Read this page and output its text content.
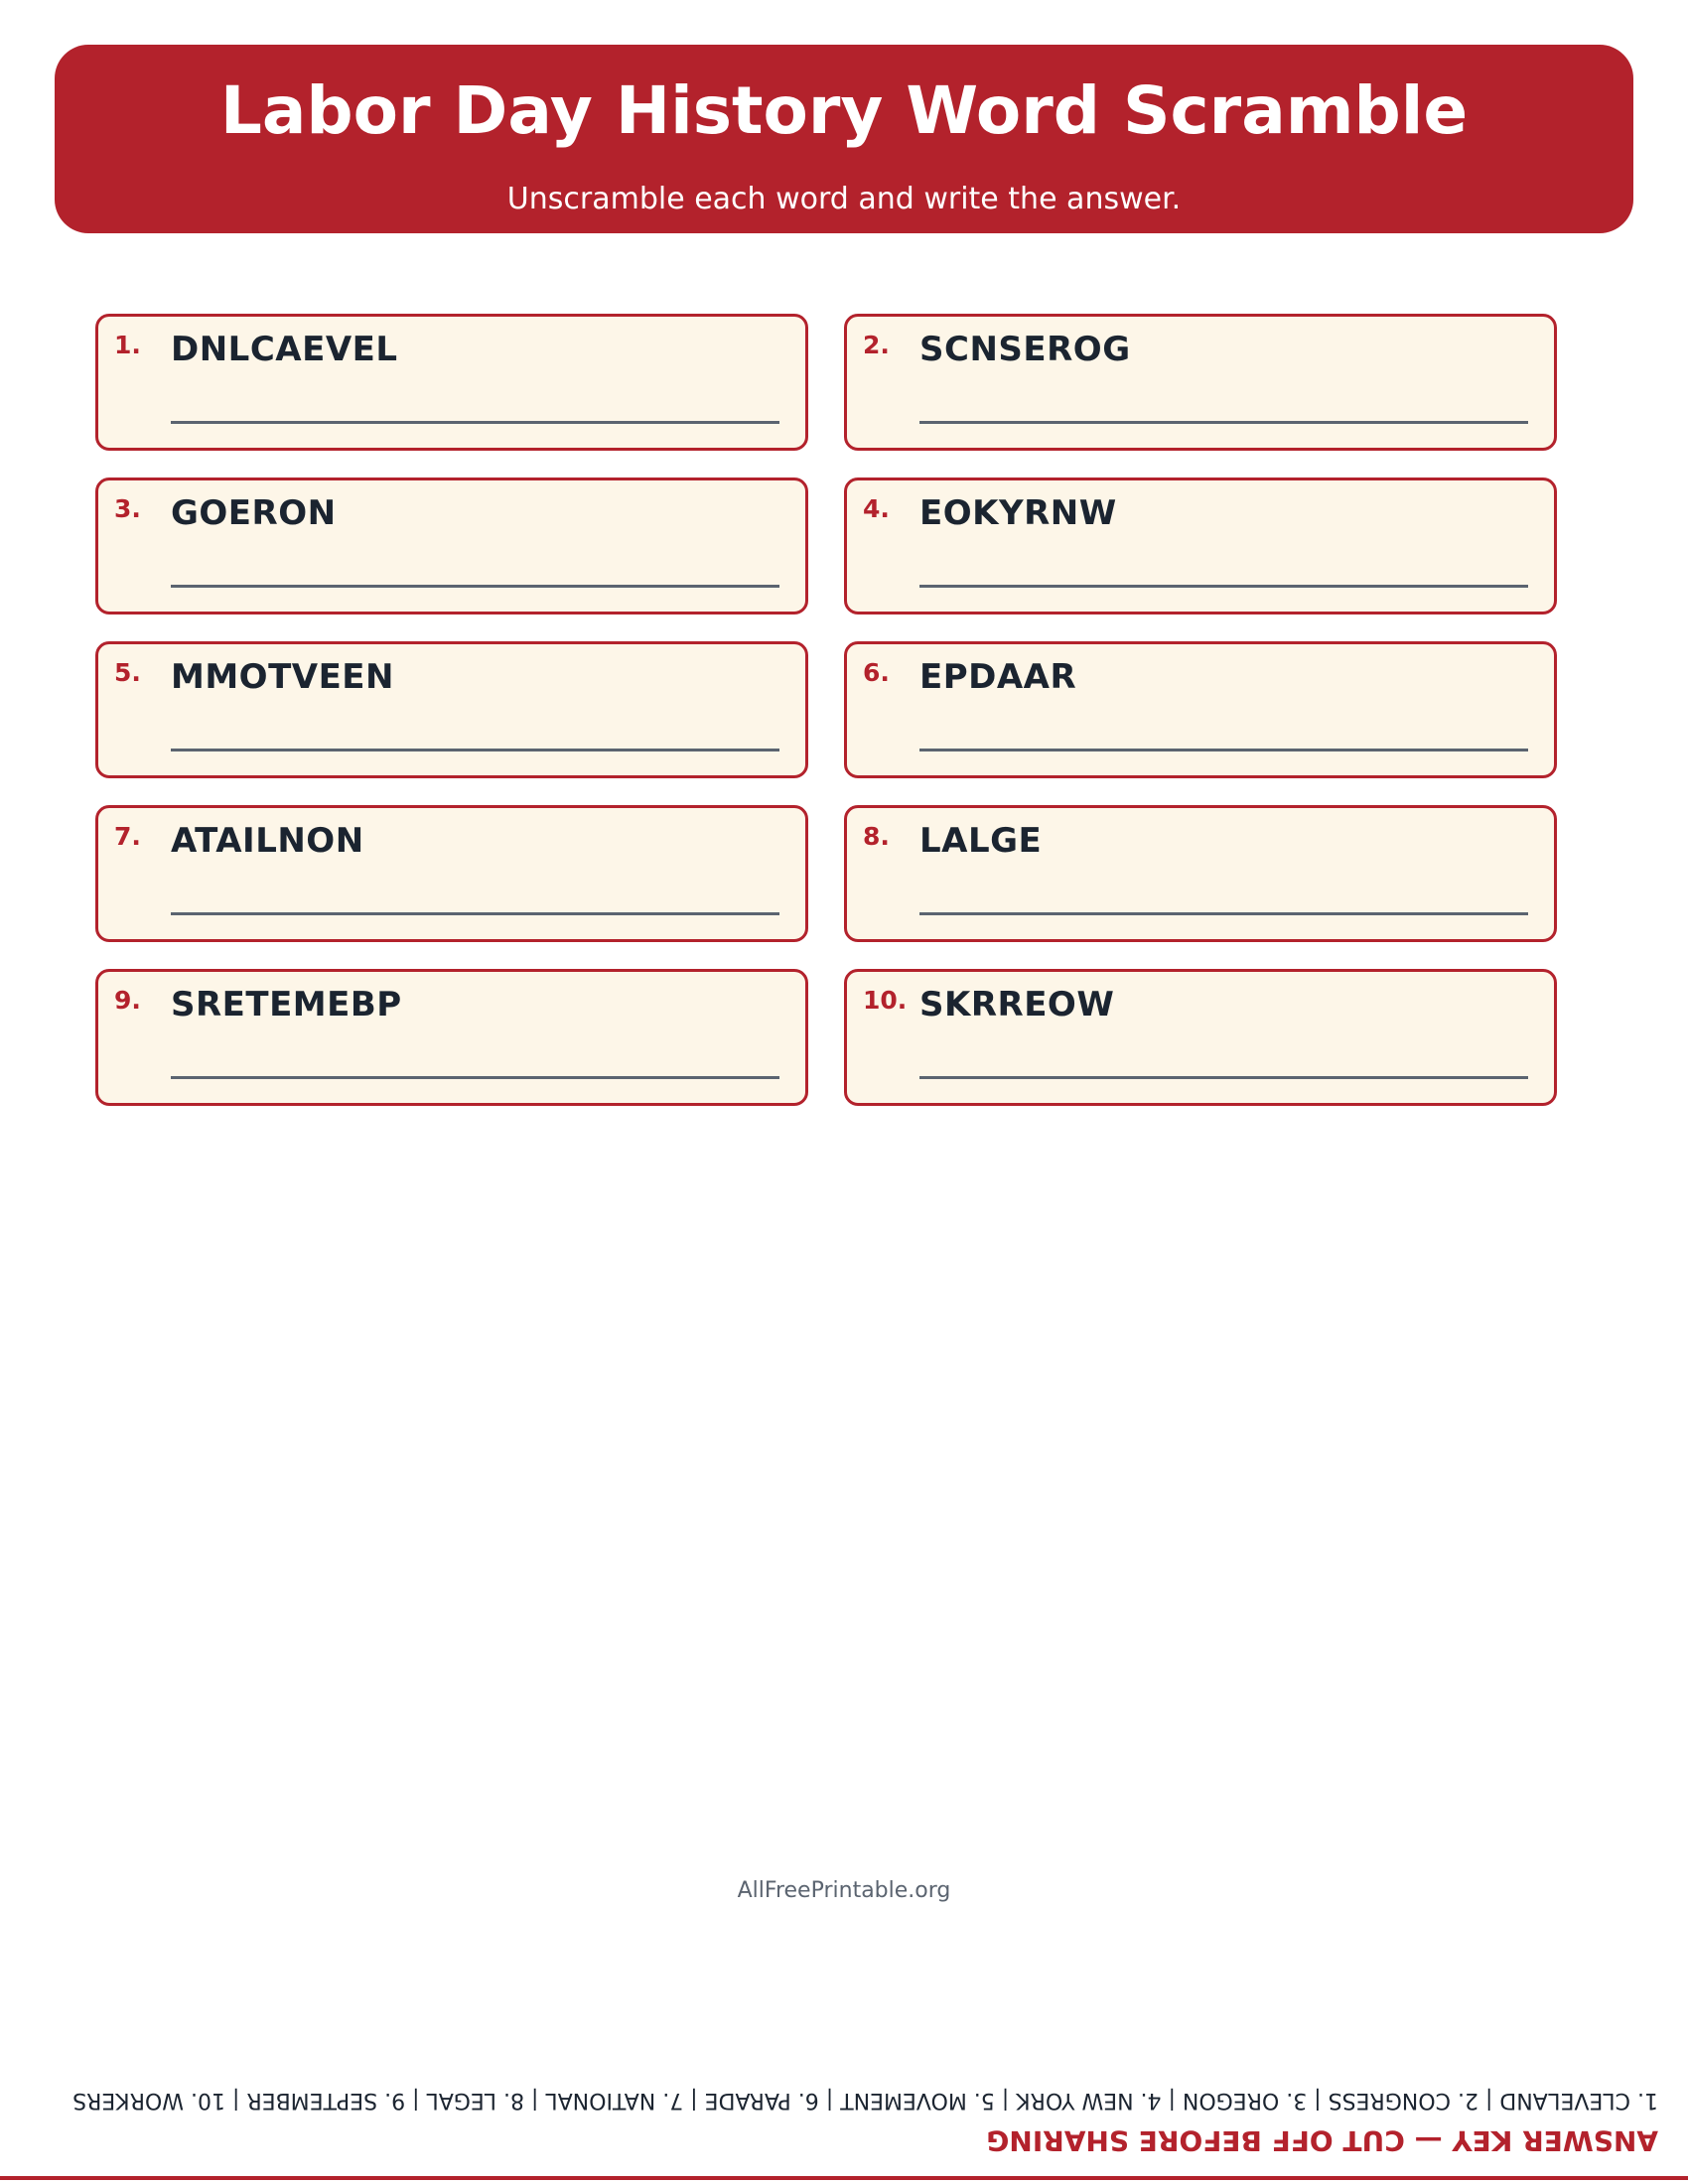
Labor Day History Word Scramble
Unscramble each word and write the answer.
1. DNLCAEVEL	2. SCNSEROG
3. GOERON	4. EOKYRNW
5. MMOTVEEN	6. EPDAAR
7. ATAILNON	8. LALGE
9. SRETEMEBP	10. SKRREOW
AllFreePrintable.org
ANSWER KEY — CUT OFF BEFORE SHARING
1. CLEVELAND | 2. CONGRESS | 3. OREGON | 4. NEW YORK | 5. MOVEMENT | 6. PARADE | 7. NATIONAL | 8. LEGAL | 9. SEPTEMBER | 10. WORKERS
